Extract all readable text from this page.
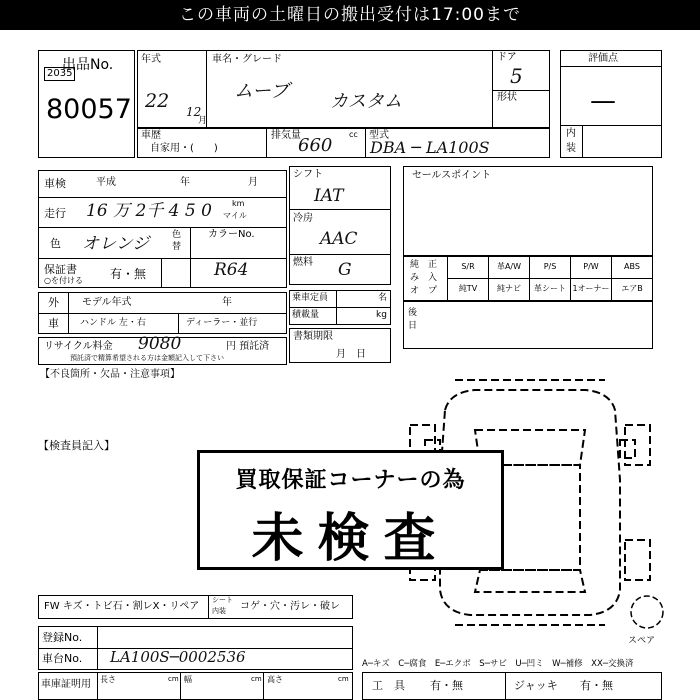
この車両の土曜日の搬出受付は17:00まで
出品No.
2035
80057
年式
22 12
月
車名・グレード
ムーブ カスタム
ドア
5
形状
車歴
自家用・(　　)
排気量
660
cc 型式
DBA ─ LA100S
評価点
—
内
装
車検	平成	年	月
走行 16 万 2千 4 5 0	km
マイル
色 オレンジ	色
替
カラーNo.
R64
保証書
○を付ける 有・無
外
車
モデル年式	年
ハンドル 左・右	ディーラー・並行
リサイクル料金 9080	円 預託済
預託済で精算希望される方は金額記入して下さい
【不良箇所・欠品・注意事項】
【検査員記入】
シフト
IAT
冷房
AAC
燃料 G
乗車定員	名
積載量	kg
書類期限
月　日
セールスポイント
純 正
み 入
オ プ
S/R	革A/W	P/S	P/W	ABS
純TV	純ナビ	革シート 1オーナー	エアB
後
日
スペア
買取保証コーナーの為
未検査
FW キズ・トビ石・割レX・リペア
シート
内装 コゲ・穴・汚レ・破レ
登録No.
車台No. LA100S─0002536
車庫証明用 長さ	cm 幅	cm 高さ	cm
A─キズ　C─腐食　E─エクボ　S─サビ　U─凹ミ　W─補修　XX─交換済
工　具 有・無	ジャッキ 有・無
